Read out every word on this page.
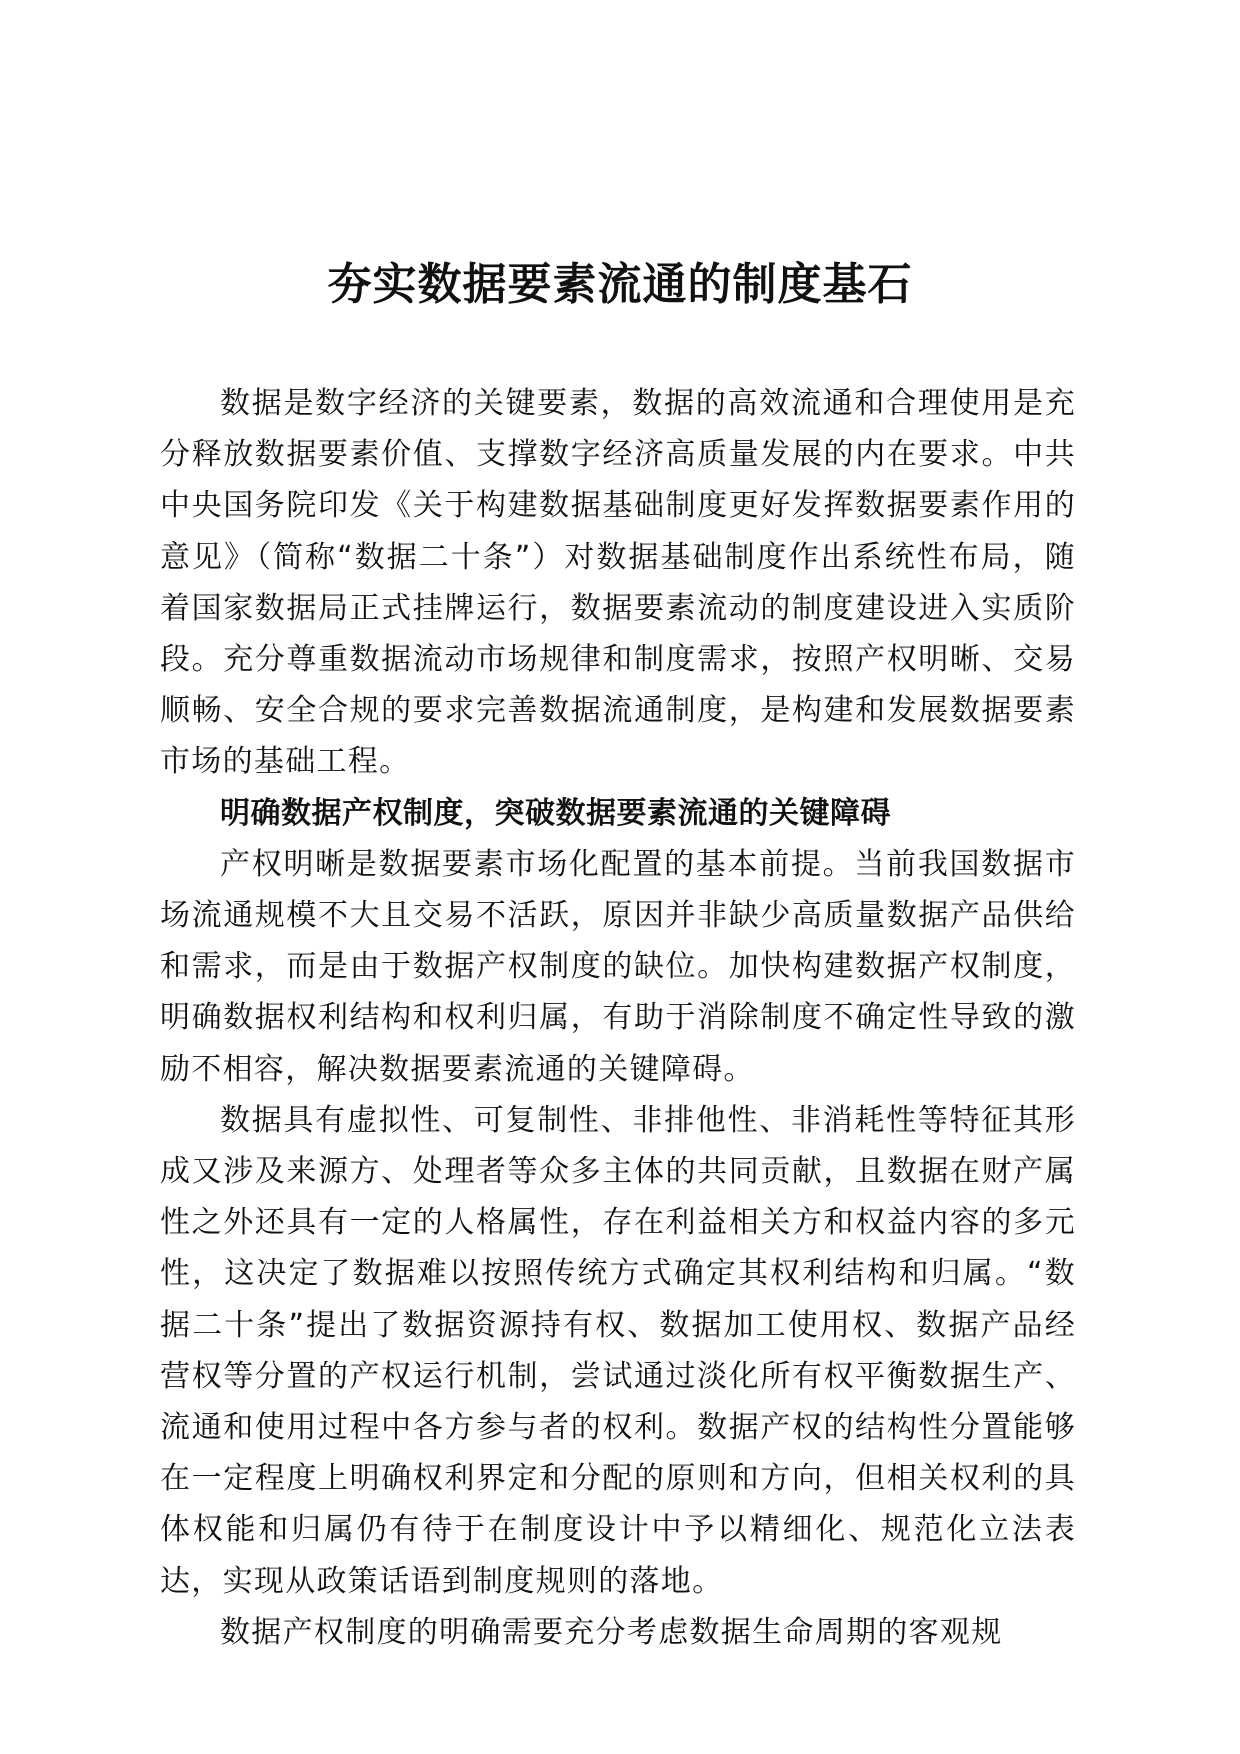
夯实数据要素流通的制度基石

数据是数字经济的关键要素，数据的高效流通和合理使用是充分释放数据要素价值、支撑数字经济高质量发展的内在要求。中共中央国务院印发《关于构建数据基础制度更好发挥数据要素作用的意见》（简称“数据二十条”）对数据基础制度作出系统性布局，随着国家数据局正式挂牌运行，数据要素流动的制度建设进入实质阶段。充分尊重数据流动市场规律和制度需求，按照产权明晰、交易顺畅、安全合规的要求完善数据流通制度，是构建和发展数据要素市场的基础工程。

明确数据产权制度，突破数据要素流通的关键障碍

产权明晰是数据要素市场化配置的基本前提。当前我国数据市场流通规模不大且交易不活跃，原因并非缺少高质量数据产品供给和需求，而是由于数据产权制度的缺位。加快构建数据产权制度，明确数据权利结构和权利归属，有助于消除制度不确定性导致的激励不相容，解决数据要素流通的关键障碍。

数据具有虚拟性、可复制性、非排他性、非消耗性等特征其形成又涉及来源方、处理者等众多主体的共同贡献，且数据在财产属性之外还具有一定的人格属性，存在利益相关方和权益内容的多元性，这决定了数据难以按照传统方式确定其权利结构和归属。“数据二十条”提出了数据资源持有权、数据加工使用权、数据产品经营权等分置的产权运行机制，尝试通过淡化所有权平衡数据生产、流通和使用过程中各方参与者的权利。数据产权的结构性分置能够在一定程度上明确权利界定和分配的原则和方向，但相关权利的具体权能和归属仍有待于在制度设计中予以精细化、规范化立法表达，实现从政策话语到制度规则的落地。

数据产权制度的明确需要充分考虑数据生命周期的客观规
